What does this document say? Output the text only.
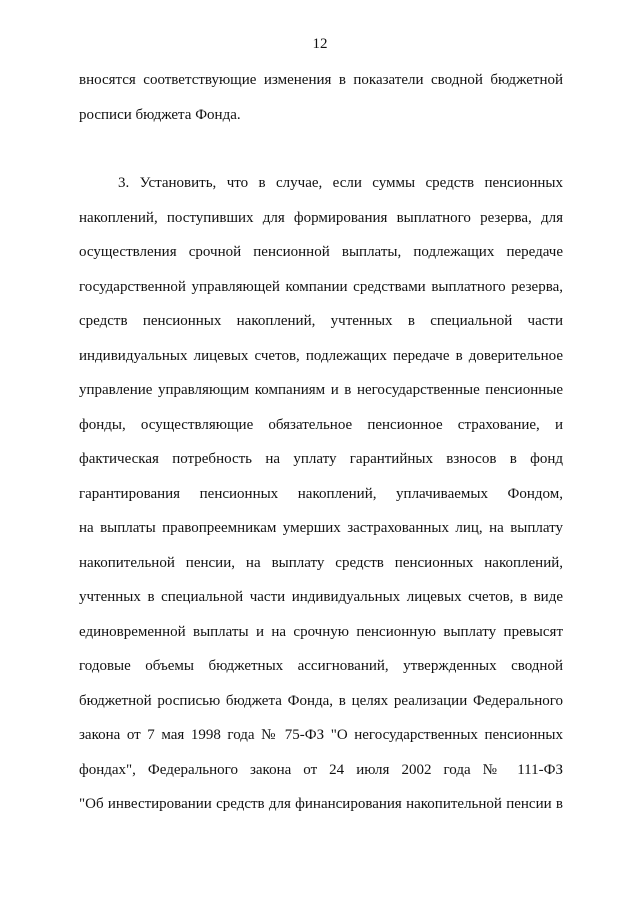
12
вносятся соответствующие изменения в показатели сводной бюджетной
росписи бюджета Фонда.
3. Установить, что в случае, если суммы средств пенсионных
накоплений, поступивших для формирования выплатного резерва, для
осуществления срочной пенсионной выплаты, подлежащих передаче
государственной управляющей компании средствами выплатного резерва,
средств пенсионных накоплений, учтенных в специальной части
индивидуальных лицевых счетов, подлежащих передаче в доверительное
управление управляющим компаниям и в негосударственные пенсионные
фонды, осуществляющие обязательное пенсионное страхование, и
фактическая потребность на уплату гарантийных взносов в фонд
гарантирования пенсионных накоплений, уплачиваемых Фондом,
на выплаты правопреемникам умерших застрахованных лиц, на выплату
накопительной пенсии, на выплату средств пенсионных накоплений,
учтенных в специальной части индивидуальных лицевых счетов, в виде
единовременной выплаты и на срочную пенсионную выплату превысят
годовые объемы бюджетных ассигнований, утвержденных сводной
бюджетной росписью бюджета Фонда, в целях реализации Федерального
закона от 7 мая 1998 года № 75-ФЗ "О негосударственных пенсионных
фондах", Федерального закона от 24 июля 2002 года № 111-ФЗ
"Об инвестировании средств для финансирования накопительной пенсии в
